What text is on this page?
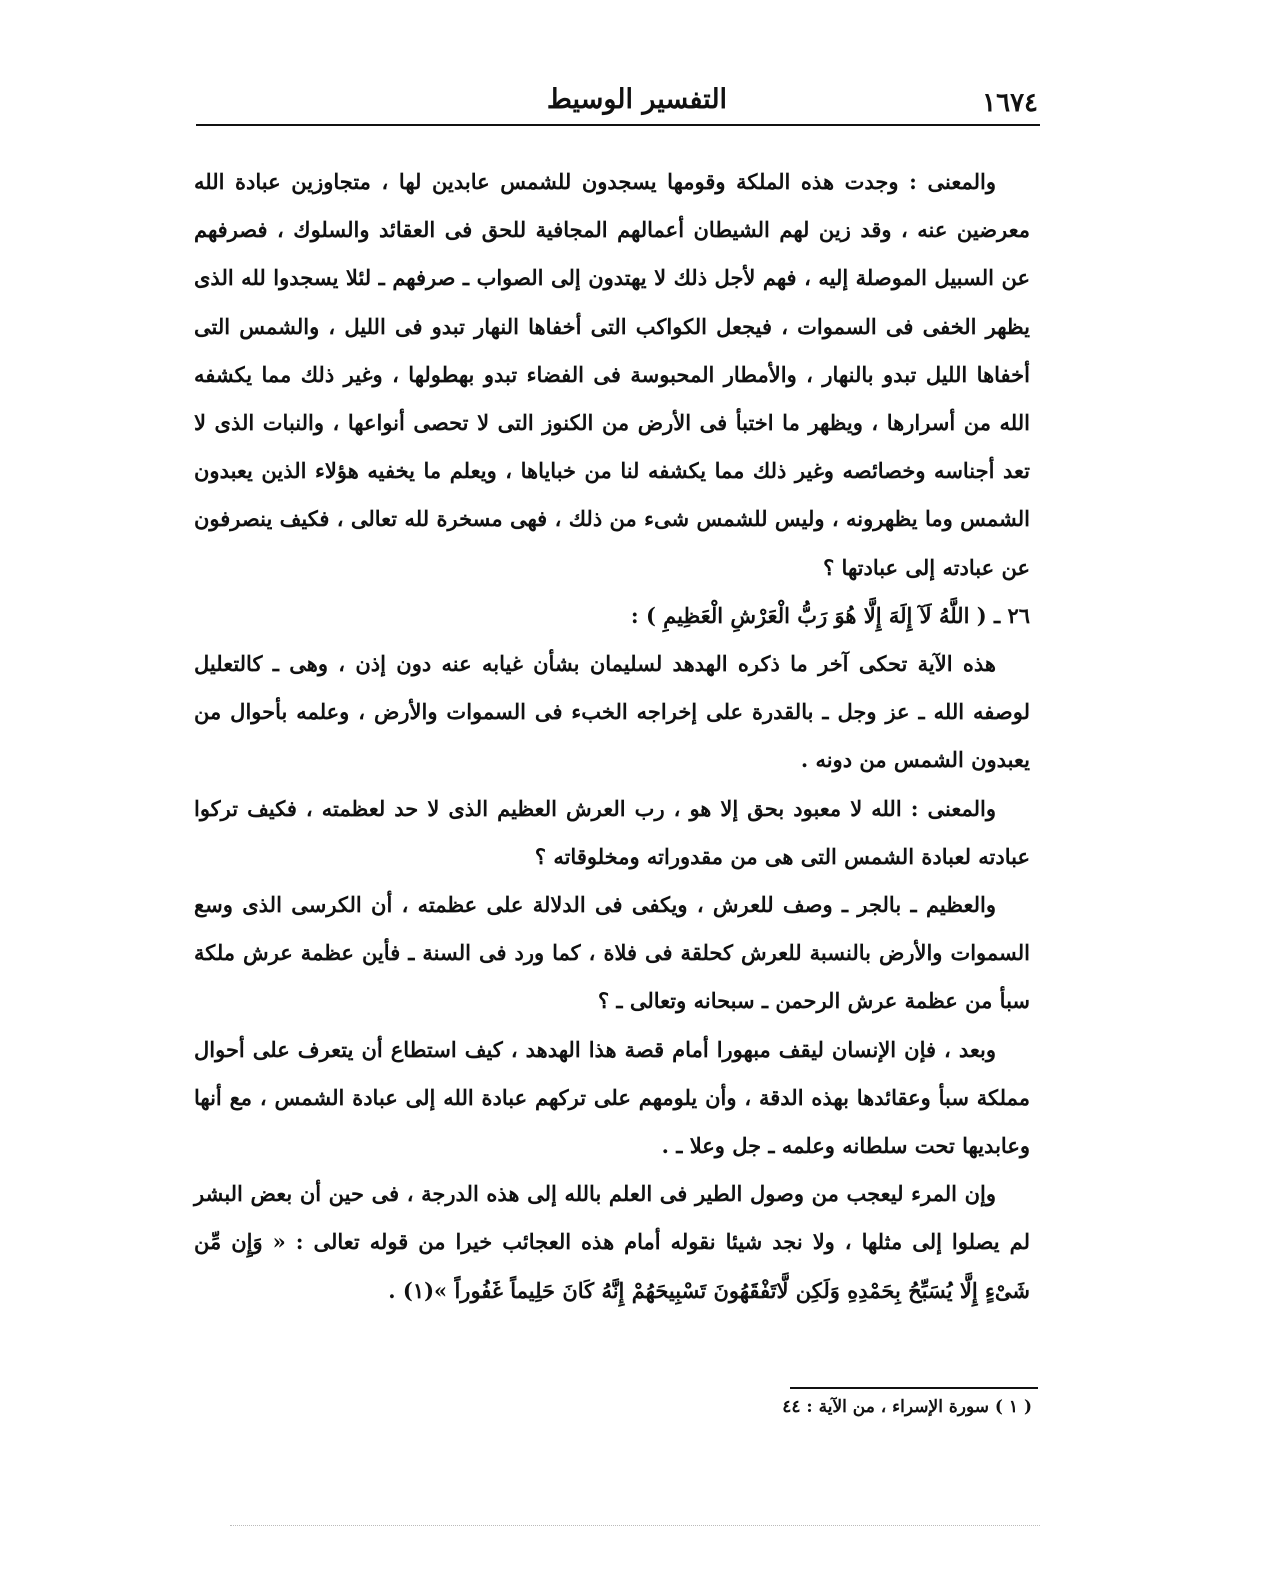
التفسير الوسيط	١٦٧٤

والمعنى : وجدت هذه الملكة وقومها يسجدون للشمس عابدين لها ، متجاوزين عبادة الله معرضين عنه ، وقد زين لهم الشيطان أعمالهم المجافية للحق فى العقائد والسلوك ، فصرفهم عن السبيل الموصلة إليه ، فهم لأجل ذلك لا يهتدون إلى الصواب ـ صرفهم ـ لئلا يسجدوا لله الذى يظهر الخفى فى السموات ، فيجعل الكواكب التى أخفاها النهار تبدو فى الليل ، والشمس التى أخفاها الليل تبدو بالنهار ، والأمطار المحبوسة فى الفضاء تبدو بهطولها ، وغير ذلك مما يكشفه الله من أسرارها ، ويظهر ما اختبأ فى الأرض من الكنوز التى لا تحصى أنواعها ، والنبات الذى لا تعد أجناسه وخصائصه وغير ذلك مما يكشفه لنا من خباياها ، ويعلم ما يخفيه هؤلاء الذين يعبدون الشمس وما يظهرونه ، وليس للشمس شىء من ذلك ، فهى مسخرة لله تعالى ، فكيف ينصرفون عن عبادته إلى عبادتها ؟

٢٦ ـ ( اللَّهُ لَآ إِلَهَ إِلَّا هُوَ رَبُّ الْعَرْشِ الْعَظِيمِ ) :

هذه الآية تحكى آخر ما ذكره الهدهد لسليمان بشأن غيابه عنه دون إذن ، وهى ـ كالتعليل لوصفه الله ـ عز وجل ـ بالقدرة على إخراجه الخبء فى السموات والأرض ، وعلمه بأحوال من يعبدون الشمس من دونه .

والمعنى : الله لا معبود بحق إلا هو ، رب العرش العظيم الذى لا حد لعظمته ، فكيف تركوا عبادته لعبادة الشمس التى هى من مقدوراته ومخلوقاته ؟

والعظيم ـ بالجر ـ وصف للعرش ، ويكفى فى الدلالة على عظمته ، أن الكرسى الذى وسع السموات والأرض بالنسبة للعرش كحلقة فى فلاة ، كما ورد فى السنة ـ فأين عظمة عرش ملكة سبأ من عظمة عرش الرحمن ـ سبحانه وتعالى ـ ؟

وبعد ، فإن الإنسان ليقف مبهورا أمام قصة هذا الهدهد ، كيف استطاع أن يتعرف على أحوال مملكة سبأ وعقائدها بهذه الدقة ، وأن يلومهم على تركهم عبادة الله إلى عبادة الشمس ، مع أنها وعابديها تحت سلطانه وعلمه ـ جل وعلا ـ .

وإن المرء ليعجب من وصول الطير فى العلم بالله إلى هذه الدرجة ، فى حين أن بعض البشر لم يصلوا إلى مثلها ، ولا نجد شيئا نقوله أمام هذه العجائب خيرا من قوله تعالى : « وَإِن مِّن شَىْءٍ إِلَّا يُسَبِّحُ بِحَمْدِهِ وَلَكِن لَّاتَفْقَهُونَ تَسْبِيحَهُمْ إِنَّهُ كَانَ حَلِيماً غَفُوراً »(١) .

( ١ ) سورة الإسراء ، من الآية : ٤٤
